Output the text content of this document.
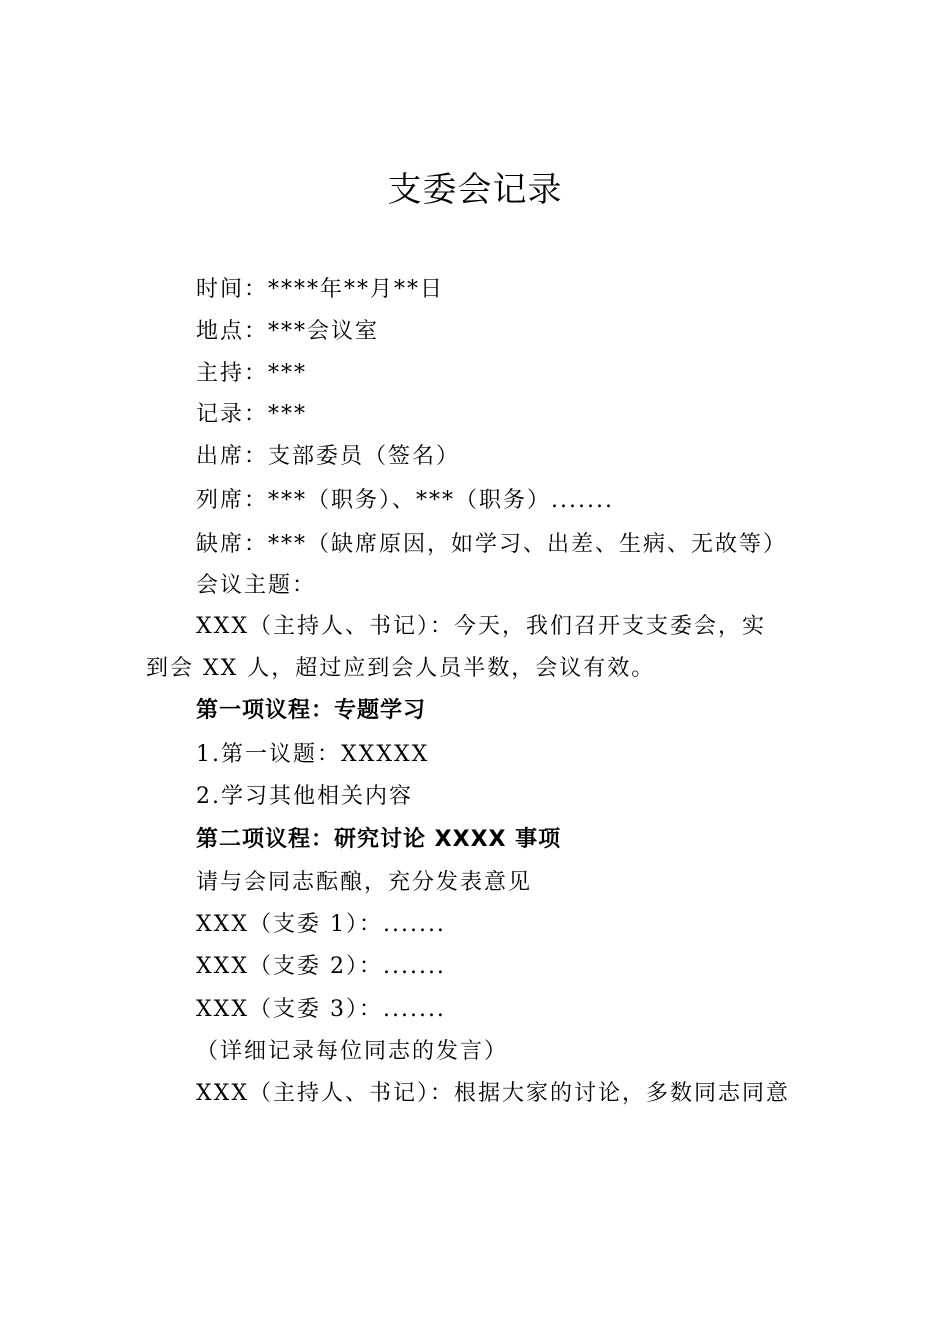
支委会记录
时间：****年**月**日
地点：***会议室
主持：***
记录：***
出席：支部委员（签名）
列席：***（职务）、***（职务）.......
缺席：***（缺席原因，如学习、出差、生病、无故等）
会议主题：
XXX（主持人、书记）：今天，我们召开支支委会，实
到会 XX 人，超过应到会人员半数，会议有效。
第一项议程：专题学习
1.第一议题：XXXXX
2.学习其他相关内容
第二项议程：研究讨论 XXXX 事项
请与会同志酝酿，充分发表意见
XXX（支委 1）：.......
XXX（支委 2）：.......
XXX（支委 3）：.......
（详细记录每位同志的发言）
XXX（主持人、书记）：根据大家的讨论，多数同志同意
